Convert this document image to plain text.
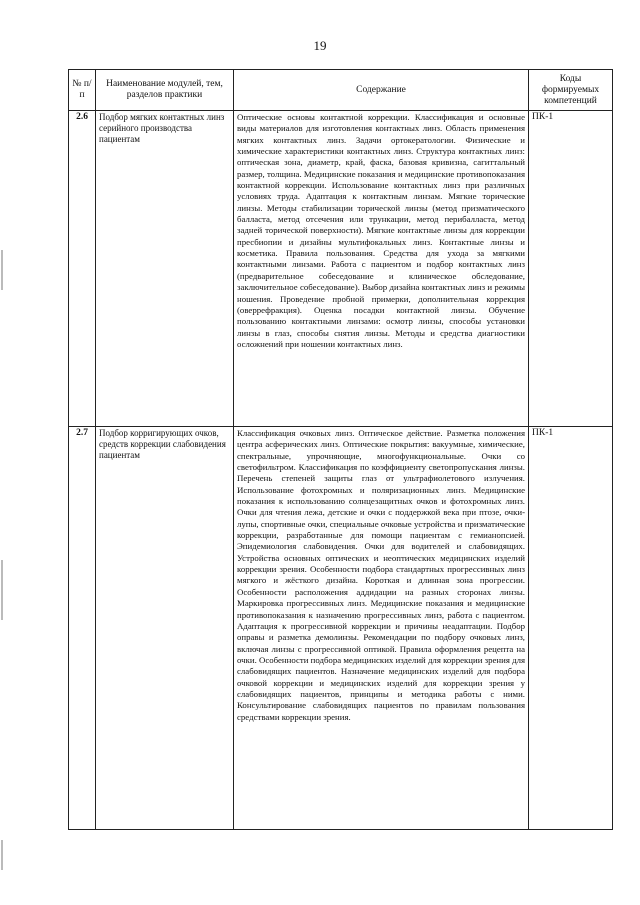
19
№ п/п	Наименование модулей, тем, разделов практики	Содержание	Коды формируемых компетенций
2.6	Подбор мягких контактных линз серийного производства пациентам	Оптические основы контактной коррекции. Классификация и основные виды материалов для изготовления контактных линз. Область применения мягких контактных линз. Задачи ортокератологии. Физические и химические характеристики контактных линз. Структура контактных линз: оптическая зона, диаметр, край, фаска, базовая кривизна, сагиттальный размер, толщина. Медицинские показания и медицинские противопоказания контактной коррекции. Использование контактных линз при различных условиях труда. Адаптация к контактным линзам. Мягкие торические линзы. Методы стабилизации торической линзы (метод призматического балласта, метод отсечения или трункации, метод перибалласта, метод задней торической поверхности). Мягкие контактные линзы для коррекции пресбиопии и дизайны мультифокальных линз. Контактные линзы и косметика. Правила пользования. Средства для ухода за мягкими контактными линзами. Работа с пациентом и подбор контактных линз (предварительное собеседование и клиническое обследование, заключительное собеседование). Выбор дизайна контактных линз и режимы ношения. Проведение пробной примерки, дополнительная коррекция (оверрефракция). Оценка посадки контактной линзы. Обучение пользованию контактными линзами: осмотр линзы, способы установки линзы в глаз, способы снятия линзы. Методы и средства диагностики осложнений при ношении контактных линз.	ПК-1
2.7	Подбор корригирующих очков, средств коррекции слабовидения пациентам	Классификация очковых линз. Оптическое действие. Разметка положения центра асферических линз. Оптические покрытия: вакуумные, химические, спектральные, упрочняющие, многофункциональные. Очки со светофильтром. Классификация по коэффициенту светопропускания линзы. Перечень степеней защиты глаз от ультрафиолетового излучения. Использование фотохромных и поляризационных линз. Медицинские показания к использованию солнцезащитных очков и фотохромных линз. Очки для чтения лежа, детские и очки с поддержкой века при птозе, очки-лупы, спортивные очки, специальные очковые устройства и призматические коррекции, разработанные для помощи пациентам с гемианопсией. Эпидемиология слабовидения. Очки для водителей и слабовидящих. Устройства основных оптических и неоптических медицинских изделий коррекции зрения. Особенности подбора стандартных прогрессивных линз мягкого и жёсткого дизайна. Короткая и длинная зона прогрессии. Особенности расположения аддидации на разных сторонах линзы. Маркировка прогрессивных линз. Медицинские показания и медицинские противопоказания к назначению прогрессивных линз, работа с пациентом. Адаптация к прогрессивной коррекции и причины неадаптации. Подбор оправы и разметка демолинзы. Рекомендации по подбору очковых линз, включая линзы с прогрессивной оптикой. Правила оформления рецепта на очки. Особенности подбора медицинских изделий для коррекции зрения для слабовидящих пациентов. Назначение медицинских изделий для подбора очковой коррекции и медицинских изделий для коррекции зрения у слабовидящих пациентов, принципы и методика работы с ними. Консультирование слабовидящих пациентов по правилам пользования средствами коррекции зрения.	ПК-1
